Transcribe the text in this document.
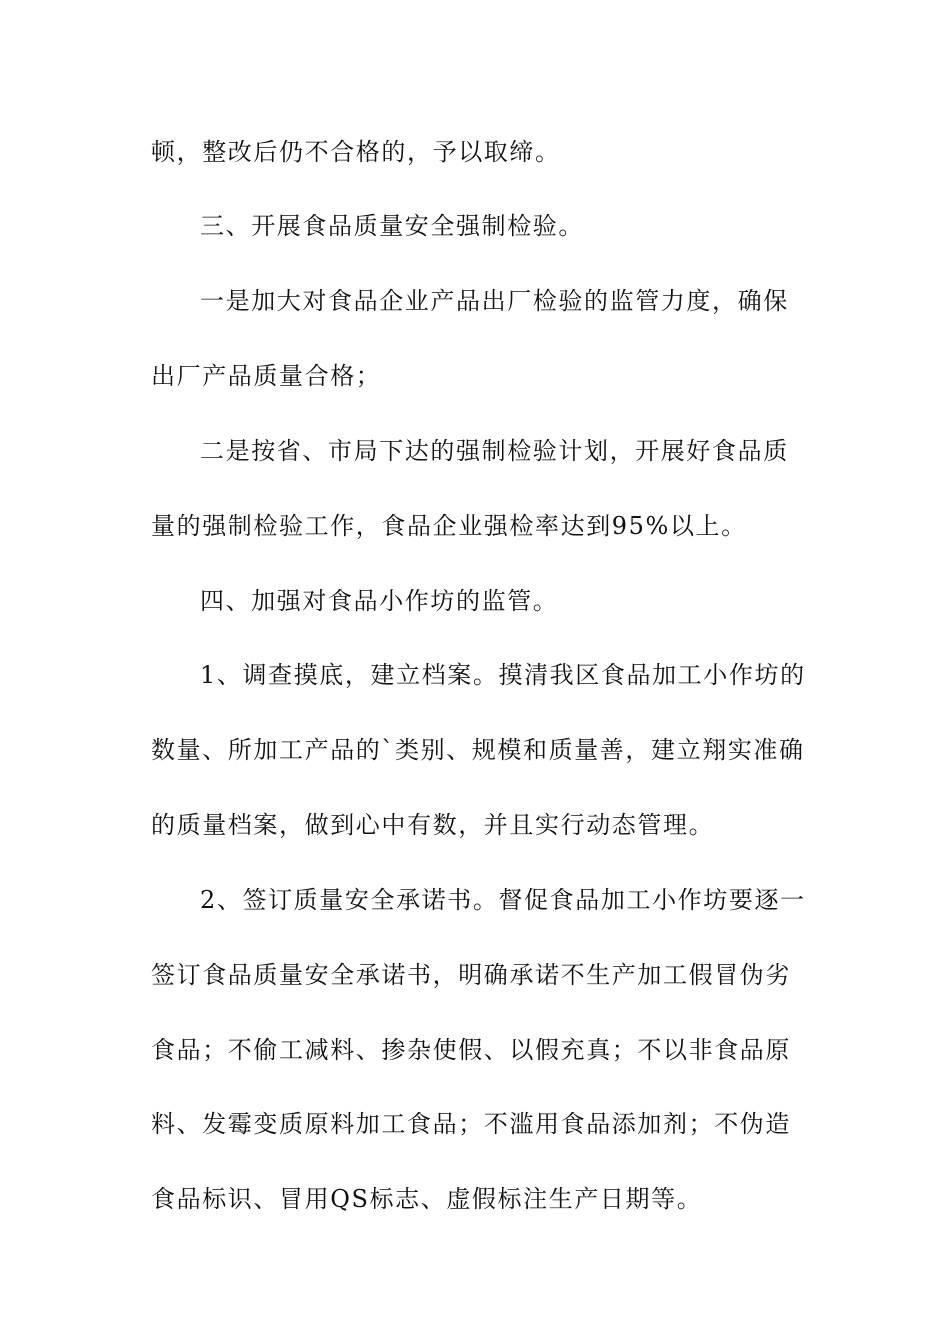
顿，整改后仍不合格的，予以取缔。
三、开展食品质量安全强制检验。
一是加大对食品企业产品出厂检验的监管力度，确保
出厂产品质量合格；
二是按省、市局下达的强制检验计划，开展好食品质
量的强制检验工作，食品企业强检率达到95%以上。
四、加强对食品小作坊的监管。
1、调查摸底，建立档案。摸清我区食品加工小作坊的
数量、所加工产品的`类别、规模和质量善，建立翔实准确
的质量档案，做到心中有数，并且实行动态管理。
2、签订质量安全承诺书。督促食品加工小作坊要逐一
签订食品质量安全承诺书，明确承诺不生产加工假冒伪劣
食品；不偷工减料、掺杂使假、以假充真；不以非食品原
料、发霉变质原料加工食品；不滥用食品添加剂；不伪造
食品标识、冒用QS标志、虚假标注生产日期等。
